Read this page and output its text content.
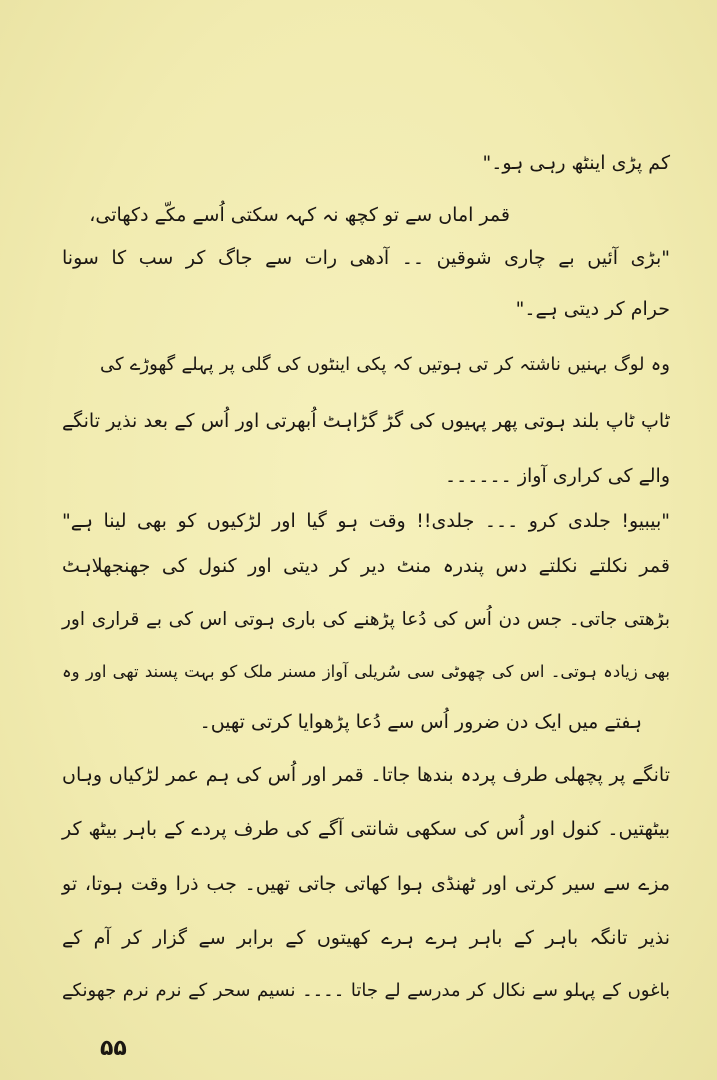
کم پڑی اینٹھ رہی ہو۔"
قمر اماں سے تو کچھ نہ کہہ سکتی اُسے مکّے دکھاتی،
"بڑی آئیں بے چاری شوقین ۔۔ آدھی رات سے جاگ کر سب کا سونا
حرام کر دیتی ہے۔"
وہ لوگ بہنیں ناشتہ کر تی ہوتیں کہ پکی اینٹوں کی گلی پر پہلے گھوڑے کی
ٹاپ ٹاپ بلند ہوتی پھر پہیوں کی گڑ گڑاہٹ اُبھرتی اور اُس کے بعد نذیر تانگے
والے کی کراری آواز ۔۔۔۔۔۔
"بیبیو! جلدی کرو ۔۔۔ جلدی!! وقت ہو گیا اور لڑکیوں کو بھی لینا ہے"
قمر نکلتے نکلتے دس پندرہ منٹ دیر کر دیتی اور کنول کی جھنجھلاہٹ
بڑھتی جاتی۔ جس دن اُس کی دُعا پڑھنے کی باری ہوتی اس کی بے قراری اور
بھی زیادہ ہوتی۔ اس کی چھوٹی سی سُریلی آواز مسنر ملک کو بہت پسند تھی اور وہ
ہفتے میں ایک دن ضرور اُس سے دُعا پڑھوایا کرتی تھیں۔
تانگے پر پچھلی طرف پردہ بندھا جاتا۔ قمر اور اُس کی ہم عمر لڑکیاں وہاں
بیٹھتیں۔ کنول اور اُس کی سکھی شانتی آگے کی طرف پردے کے باہر بیٹھ کر
مزے سے سیر کرتی اور ٹھنڈی ہوا کھاتی جاتی تھیں۔ جب ذرا وقت ہوتا، تو
نذیر تانگہ باہر کے باہر ہرے ہرے کھیتوں کے برابر سے گزار کر آم کے
باغوں کے پہلو سے نکال کر مدرسے لے جاتا ۔۔۔۔ نسیم سحر کے نرم نرم جھونکے
۵۵
